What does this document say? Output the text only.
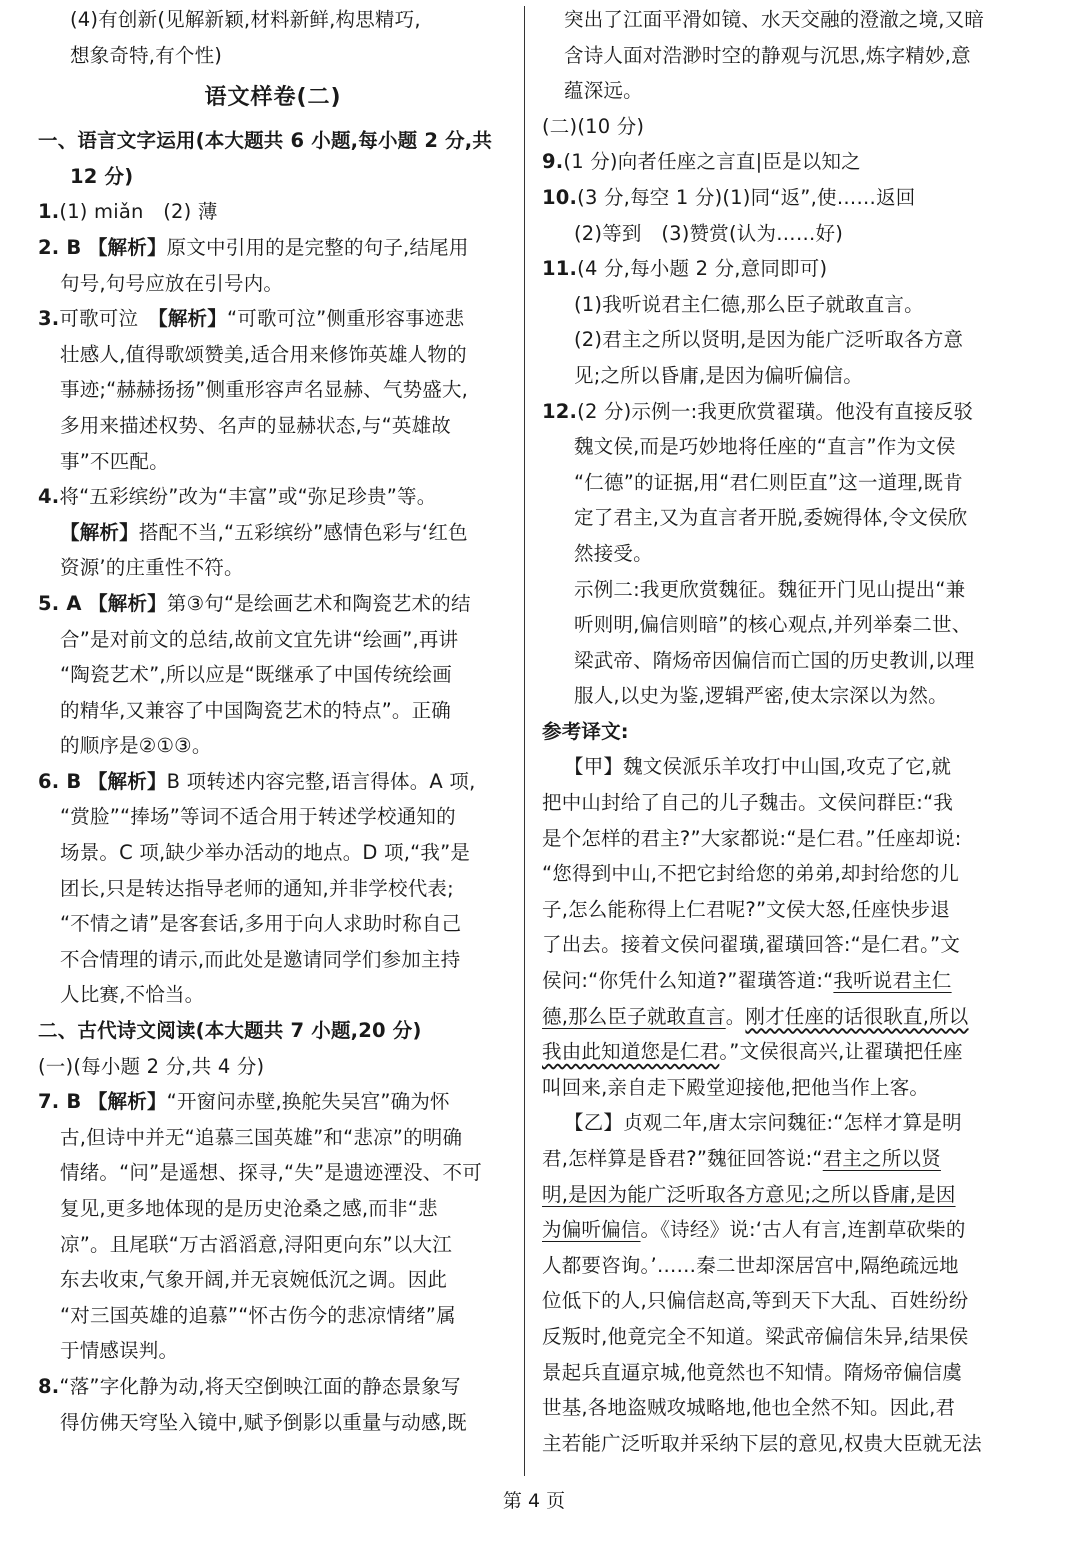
(4)有创新(见解新颖,材料新鲜,构思精巧,
想象奇特,有个性)
语文样卷(二)
一、语言文字运用(本大题共 6 小题,每小题 2 分,共
12 分)
1.(1) miǎn　(2) 薄
2. B 【解析】原文中引用的是完整的句子,结尾用
句号,句号应放在引号内。
3.可歌可泣　【解析】“可歌可泣”侧重形容事迹悲
壮感人,值得歌颂赞美,适合用来修饰英雄人物的
事迹;“赫赫扬扬”侧重形容声名显赫、气势盛大,
多用来描述权势、名声的显赫状态,与“英雄故
事”不匹配。
4.将“五彩缤纷”改为“丰富”或“弥足珍贵”等。
【解析】搭配不当,“五彩缤纷”感情色彩与‘红色
资源’的庄重性不符。
5. A 【解析】第③句“是绘画艺术和陶瓷艺术的结
合”是对前文的总结,故前文宜先讲“绘画”,再讲
“陶瓷艺术”,所以应是“既继承了中国传统绘画
的精华,又兼容了中国陶瓷艺术的特点”。正确
的顺序是②①③。
6. B 【解析】B 项转述内容完整,语言得体。A 项,
“赏脸”“捧场”等词不适合用于转述学校通知的
场景。C 项,缺少举办活动的地点。D 项,“我”是
团长,只是转达指导老师的通知,并非学校代表;
“不情之请”是客套话,多用于向人求助时称自己
不合情理的请示,而此处是邀请同学们参加主持
人比赛,不恰当。
二、古代诗文阅读(本大题共 7 小题,20 分)
(一)(每小题 2 分,共 4 分)
7. B 【解析】“开窗问赤壁,换舵失吴宫”确为怀
古,但诗中并无“追慕三国英雄”和“悲凉”的明确
情绪。“问”是遥想、探寻,“失”是遗迹湮没、不可
复见,更多地体现的是历史沧桑之感,而非“悲
凉”。且尾联“万古滔滔意,浔阳更向东”以大江
东去收束,气象开阔,并无哀婉低沉之调。因此
“对三国英雄的追慕”“怀古伤今的悲凉情绪”属
于情感误判。
8.“落”字化静为动,将天空倒映江面的静态景象写
得仿佛天穹坠入镜中,赋予倒影以重量与动感,既
突出了江面平滑如镜、水天交融的澄澈之境,又暗
含诗人面对浩渺时空的静观与沉思,炼字精妙,意
蕴深远。
(二)(10 分)
9.(1 分)向者任座之言直|臣是以知之
10.(3 分,每空 1 分)(1)同“返”,使……返回
(2)等到　(3)赞赏(认为……好)
11.(4 分,每小题 2 分,意同即可)
(1)我听说君主仁德,那么臣子就敢直言。
(2)君主之所以贤明,是因为能广泛听取各方意
见;之所以昏庸,是因为偏听偏信。
12.(2 分)示例一:我更欣赏翟璜。他没有直接反驳
魏文侯,而是巧妙地将任座的“直言”作为文侯
“仁德”的证据,用“君仁则臣直”这一道理,既肯
定了君主,又为直言者开脱,委婉得体,令文侯欣
然接受。
示例二:我更欣赏魏征。魏征开门见山提出“兼
听则明,偏信则暗”的核心观点,并列举秦二世、
梁武帝、隋炀帝因偏信而亡国的历史教训,以理
服人,以史为鉴,逻辑严密,使太宗深以为然。
参考译文:
【甲】魏文侯派乐羊攻打中山国,攻克了它,就
把中山封给了自己的儿子魏击。文侯问群臣:“我
是个怎样的君主?”大家都说:“是仁君。”任座却说:
“您得到中山,不把它封给您的弟弟,却封给您的儿
子,怎么能称得上仁君呢?”文侯大怒,任座快步退
了出去。接着文侯问翟璜,翟璜回答:“是仁君。”文
侯问:“你凭什么知道?”翟璜答道:“我听说君主仁
德,那么臣子就敢直言。刚才任座的话很耿直,所以
我由此知道您是仁君。”文侯很高兴,让翟璜把任座
叫回来,亲自走下殿堂迎接他,把他当作上客。
【乙】贞观二年,唐太宗问魏征:“怎样才算是明
君,怎样算是昏君?”魏征回答说:“君主之所以贤
明,是因为能广泛听取各方意见;之所以昏庸,是因
为偏听偏信。《诗经》说:‘古人有言,连割草砍柴的
人都要咨询。’……秦二世却深居宫中,隔绝疏远地
位低下的人,只偏信赵高,等到天下大乱、百姓纷纷
反叛时,他竟完全不知道。梁武帝偏信朱异,结果侯
景起兵直逼京城,他竟然也不知情。隋炀帝偏信虞
世基,各地盗贼攻城略地,他也全然不知。因此,君
主若能广泛听取并采纳下层的意见,权贵大臣就无法
第 4 页
